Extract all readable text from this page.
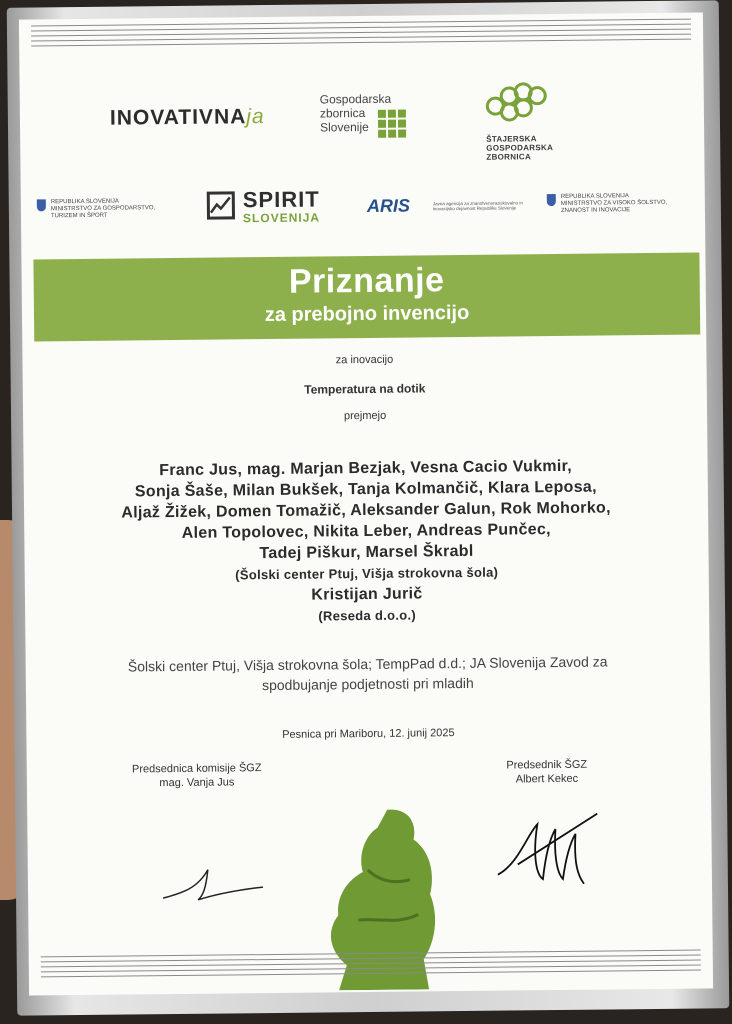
INOVATIVNAja
Gospodarska
zbornica
Slovenije
ŠTAJERSKA
GOSPODARSKA
ZBORNICA
REPUBLIKA SLOVENIJA
MINISTRSTVO ZA GOSPODARSTVO,
TURIZEM IN ŠPORT
SPIRIT
SLOVENIJA
ARIS	Javna agencija za znanstvenoraziskovalno in inovacijsko dejavnost Republike Slovenije
REPUBLIKA SLOVENIJA
MINISTRSTVO ZA VISOKO ŠOLSTVO,
ZNANOST IN INOVACIJE
Priznanje
za prebojno invencijo
za inovacijo
Temperatura na dotik
prejmejo
Franc Jus, mag. Marjan Bezjak, Vesna Cacio Vukmir,
Sonja Šaše, Milan Bukšek, Tanja Kolmančič, Klara Leposa,
Aljaž Žižek, Domen Tomažič, Aleksander Galun, Rok Mohorko,
Alen Topolovec, Nikita Leber, Andreas Punčec,
Tadej Piškur, Marsel Škrabl
(Šolski center Ptuj, Višja strokovna šola)
Kristijan Jurič
(Reseda d.o.o.)
Šolski center Ptuj, Višja strokovna šola; TempPad d.d.; JA Slovenija Zavod za
spodbujanje podjetnosti pri mladih
Pesnica pri Mariboru, 12. junij 2025
Predsednica komisije ŠGZ
mag. Vanja Jus
Predsednik ŠGZ
Albert Kekec
